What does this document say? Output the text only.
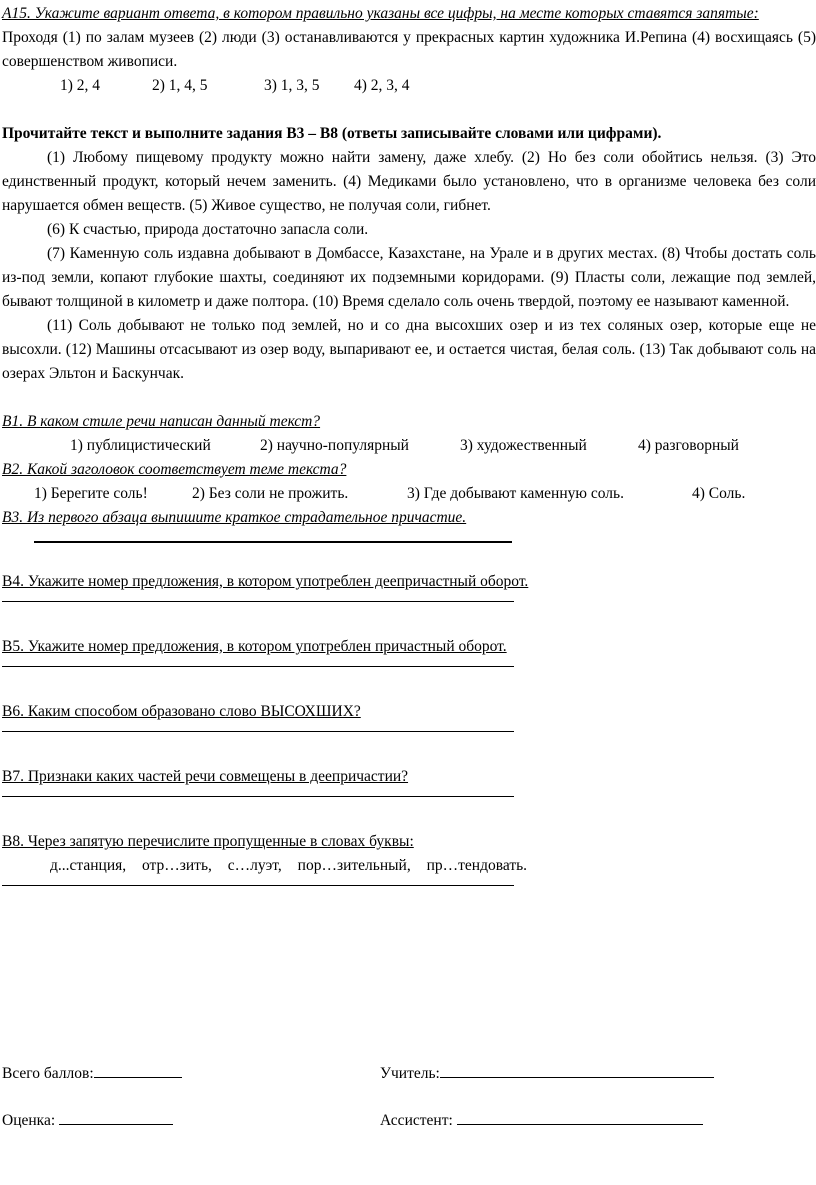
А15. Укажите вариант ответа, в котором правильно указаны все цифры, на месте которых ставятся запятые:

Проходя (1) по залам музеев (2) люди (3) останавливаются у прекрасных картин художника И.Репина (4) восхищаясь (5) совершенством живописи.

1) 2, 4	2) 1, 4, 5	3) 1, 3, 5	4) 2, 3, 4

Прочитайте текст и выполните задания В3 – В8 (ответы записывайте словами или цифрами).

(1) Любому пищевому продукту можно найти замену, даже хлебу. (2) Но без соли обойтись нельзя. (3) Это единственный продукт, который нечем заменить. (4) Медиками было установлено, что в организме человека без соли нарушается обмен веществ. (5) Живое существо, не получая соли, гибнет.

(6) К счастью, природа достаточно запасла соли.

(7) Каменную соль издавна добывают в Домбассе, Казахстане, на Урале и в других местах. (8) Чтобы достать соль из-под земли, копают глубокие шахты, соединяют их подземными коридорами. (9) Пласты соли, лежащие под землей, бывают толщиной в километр и даже полтора. (10) Время сделало соль очень твердой, поэтому ее называют каменной.

(11) Соль добывают не только под землей, но и со дна высохших озер и из тех соляных озер, которые еще не высохли. (12) Машины отсасывают из озер воду, выпаривают ее, и остается чистая, белая соль. (13) Так добывают соль на озерах Эльтон и Баскунчак.

В1. В каком стиле речи написан данный текст?

1) публицистический	2) научно-популярный	3) художественный	4) разговорный

В2. Какой заголовок соответствует теме текста?

1) Берегите соль!	2) Без соли не прожить.	3) Где добывают каменную соль.	4) Соль.

В3. Из первого абзаца выпишите краткое страдательное причастие.

В4. Укажите номер предложения, в котором употреблен деепричастный оборот.

В5. Укажите номер предложения, в котором употреблен причастный оборот.

В6. Каким способом образовано слово ВЫСОХШИХ?

В7. Признаки каких частей речи совмещены в деепричастии?

В8. Через запятую перечислите пропущенные в словах буквы:

д...станция, отр…зить, с…луэт, пор…зительный, пр…тендовать.
Всего баллов:	Учитель:
Оценка:	Ассистент:
